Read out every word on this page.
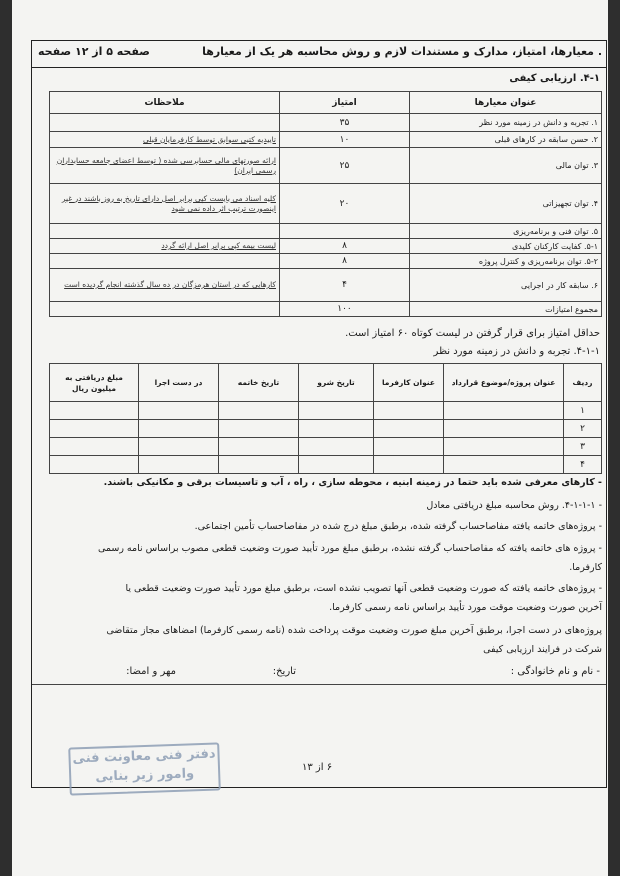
. معیارها، امتیاز، مدارک و مستندات لازم و روش محاسبه هر یک از معیارها
صفحه ۵ از ۱۲ صفحه
۴-۱. ارزیابی کیفی
عنوان معیارها	امتیاز	ملاحظات
۱. تجربه و دانش در زمینه مورد نظر	۳۵	
۲. حسن سابقه در کارهای قبلی	۱۰	تاییدیه کتبی سوابق توسط کارفرمایان قبلی
۳. توان مالی	۲۵	ارائه صورتهای مالی حسابرسی شده ( توسط اعضای جامعه حسابداران رسمی ایران)
۴. توان تجهیزاتی	۲۰	کلیه اسناد می بایست کپی برابر اصل دارای تاریخ به روز باشند در غیر اینصورت ترتیب اثر داده نمی شود
۵. توان فنی و برنامه‌ریزی		
۵-۱. کفایت کارکنان کلیدی	۸	لیست بیمه کپی برابر اصل ارائه گردد
۵-۲. توان برنامه‌ریزی و کنترل پروژه	۸	
۶. سابقه کار در اجرایی	۴	کارهایی که در استان هرمزگان در ده سال گذشته انجام گردیده است
مجموع امتیازات	۱۰۰	
حداقل امتیاز برای قرار گرفتن در لیست کوتاه ۶۰ امتیاز است.
۴-۱-۱. تجربه و دانش در زمینه مورد نظر
ردیف	عنوان پروژه/موضوع قرارداد	عنوان کارفرما	تاریخ شرو	تاریخ خاتمه	در دست اجرا	مبلغ دریافتی به میلیون ریال
۱						
۲						
۳						
۴						
- کارهای معرفی شده باید حتما در زمینه ابنیه ، محوطه سازی ، راه ، آب و تاسیسات برقی و مکانیکی باشند.
- ۴-۱-۱-۱. روش محاسبه مبلغ دریافتی معادل
- پروژه‌های خاتمه یافته مفاصاحساب گرفته شده، برطبق مبلغ درج شده در مفاصاحساب تأمین اجتماعی.
- پروژه های خاتمه یافته که مفاصاحساب گرفته نشده، برطبق مبلغ مورد تأیید صورت وضعیت قطعی مصوب براساس نامه رسمی
کارفرما.
- پروژه‌های خاتمه یافته که صورت وضعیت قطعی آنها تصویب نشده است، برطبق مبلغ مورد تأیید صورت وضعیت قطعی یا
آخرین صورت وضعیت موقت مورد تأیید براساس نامه رسمی کارفرما.
پروژه‌های در دست اجرا، برطبق آخرین مبلغ صورت وضعیت موقت پرداخت شده (نامه رسمی کارفرما) امضاهای مجاز متقاضی
شرکت در فرایند ارزیابی کیفی
- نام و نام خانوادگی :
تاریخ:
مهر و امضا:
دفتر فنی معاونت فنی
وامور زیر بنایی	۶ از ۱۳
